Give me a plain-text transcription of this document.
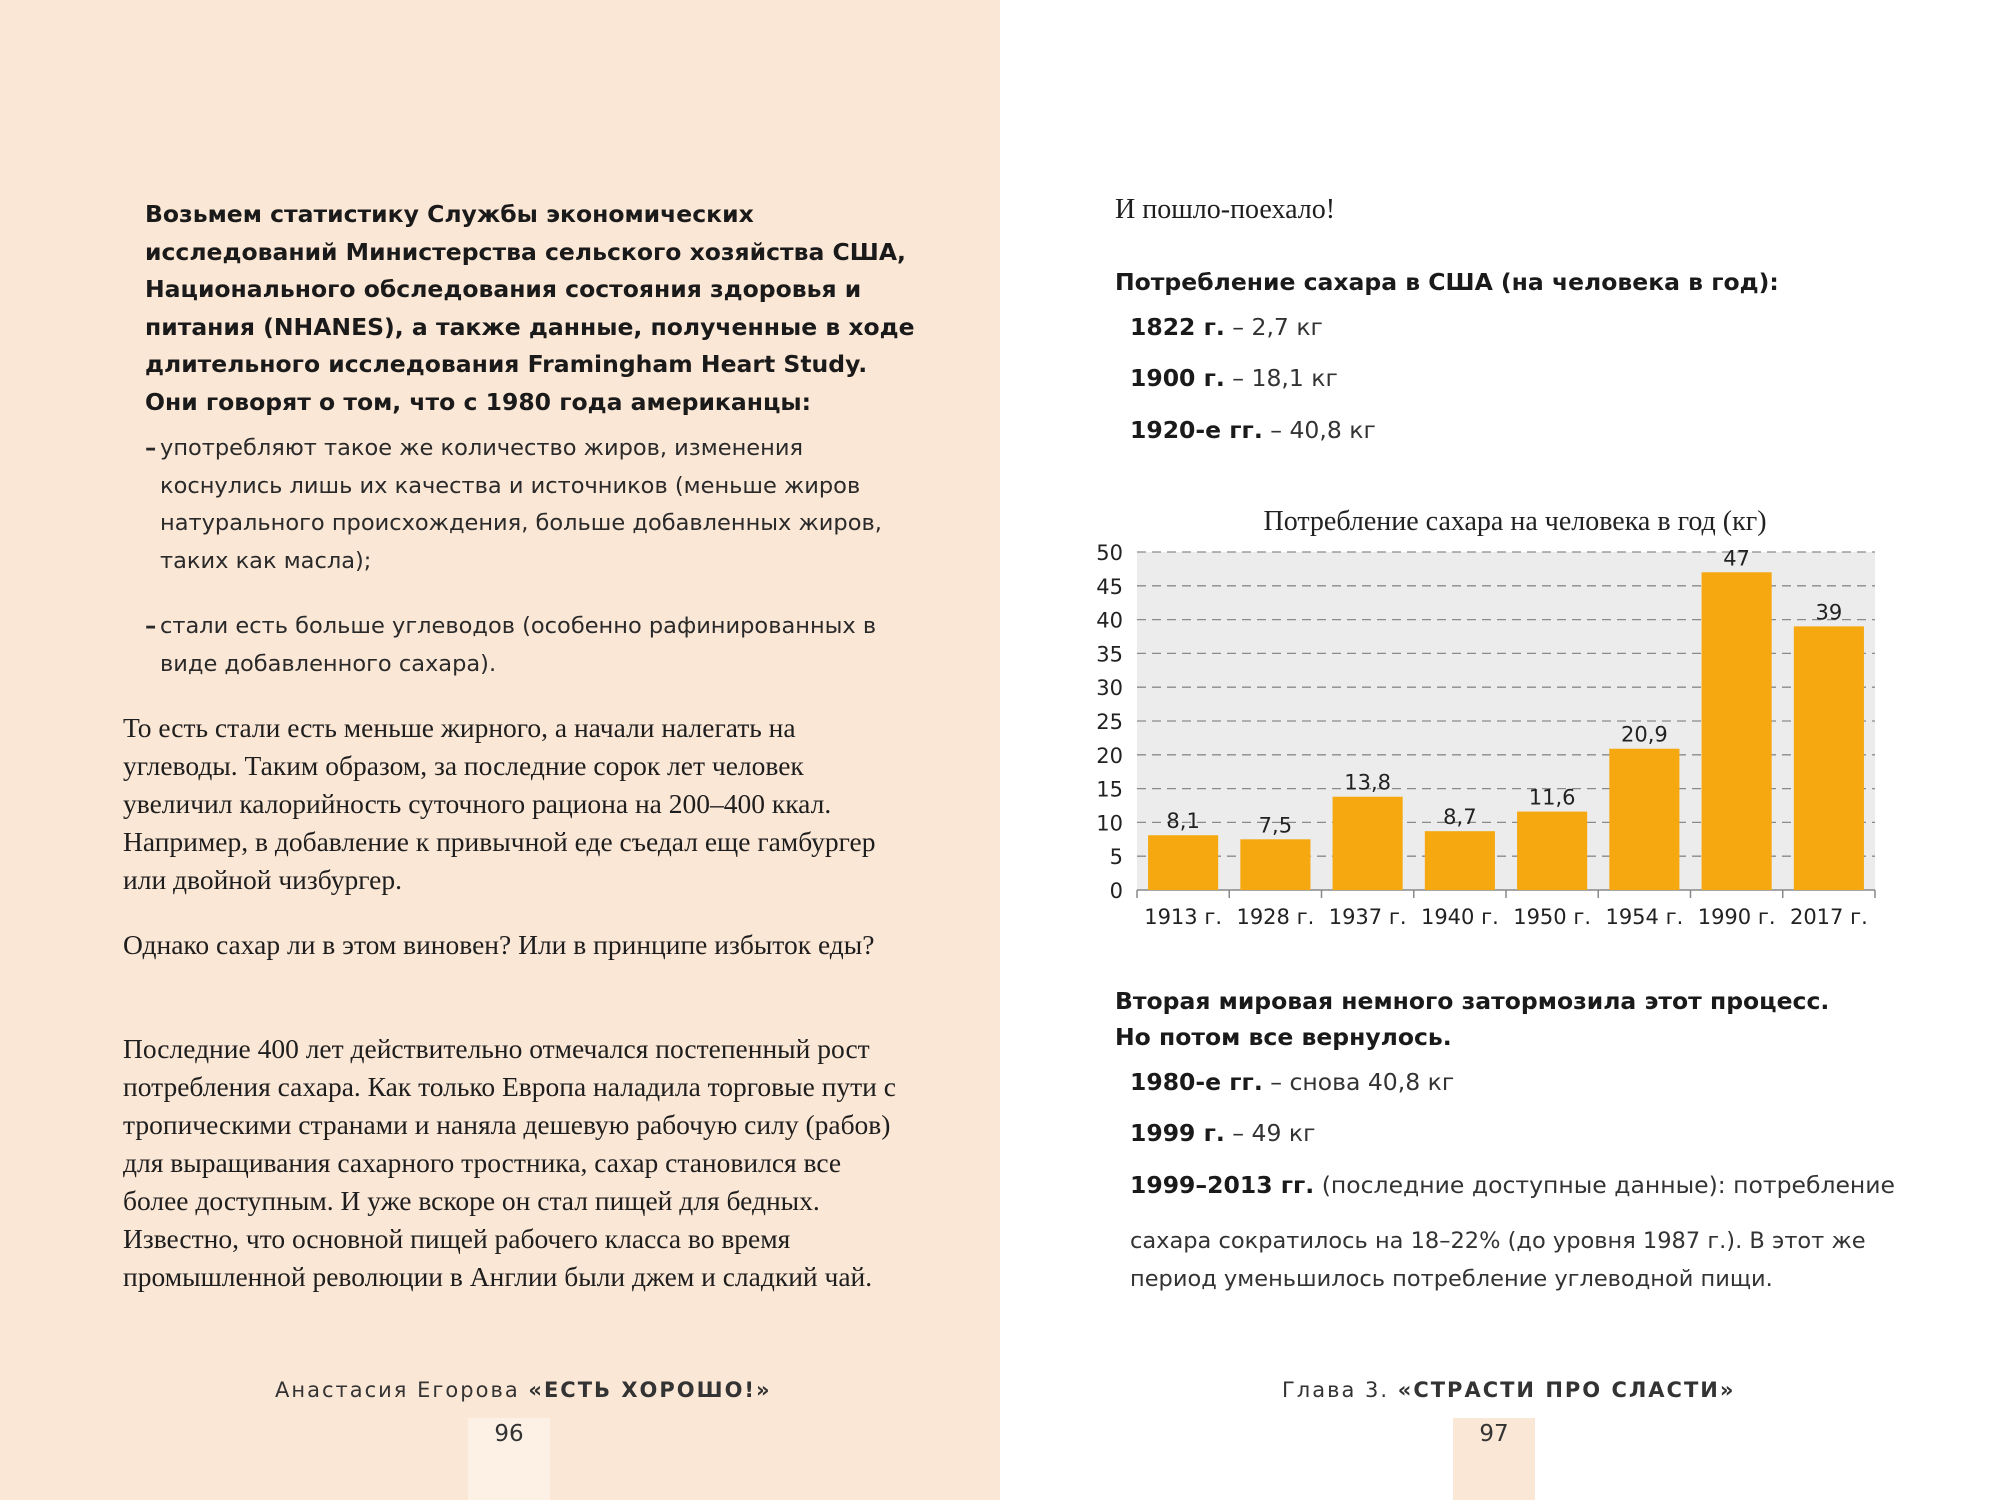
Возьмем статистику Службы экономических исследований Министерства сельского хозяйства США, Национального обследования состояния здоровья и питания (NHANES), а также данные, полученные в ходе длительного исследования Framingham Heart Study. Они говорят о том, что с 1980 года американцы:
– употребляют такое же количество жиров, изменения коснулись лишь их качества и источников (меньше жиров натурального происхождения, больше добавленных жиров, таких как масла);
– стали есть больше углеводов (особенно рафинированных в виде добавленного сахара).

То есть стали есть меньше жирного, а начали налегать на углеводы. Таким образом, за последние сорок лет человек увеличил калорийность суточного рациона на 200–400 ккал. Например, в добавление к привычной еде съедал еще гамбургер или двойной чизбургер.

Однако сахар ли в этом виновен? Или в принципе избыток еды?

Последние 400 лет действительно отмечался постепенный рост потребления сахара. Как только Европа наладила торговые пути с тропическими странами и наняла дешевую рабочую силу (рабов) для выращивания сахарного тростника, сахар становился все более доступным. И уже вскоре он стал пищей для бедных. Известно, что основной пищей рабочего класса во время промышленной революции в Англии были джем и сладкий чай.

Анастасия Егорова «ЕСТЬ ХОРОШО!»
И пошло-поехало!
Потребление сахара в США (на человека в год):
1822 г. – 2,7 кг
1900 г. – 18,1 кг
1920-е гг. – 40,8 кг
Потребление сахара на человека в год (кг)
0
5
10
15
20
25
30
35
40
45
50
8,1
1913 г.
7,5
1928 г.
13,8
1937 г.
8,7
1940 г.
11,6
1950 г.
20,9
1954 г.
47
1990 г.
39
2017 г.
Вторая мировая немного затормозила этот процесс.
Но потом все вернулось.
1980-е гг. – снова 40,8 кг
1999 г. – 49 кг
1999–2013 гг. (последние доступные данные): потребление
сахара сократилось на 18–22% (до уровня 1987 г.). В этот же период уменьшилось потребление углеводной пищи.
Глава 3. «СТРАСТИ ПРО СЛАСТИ»
96	97
